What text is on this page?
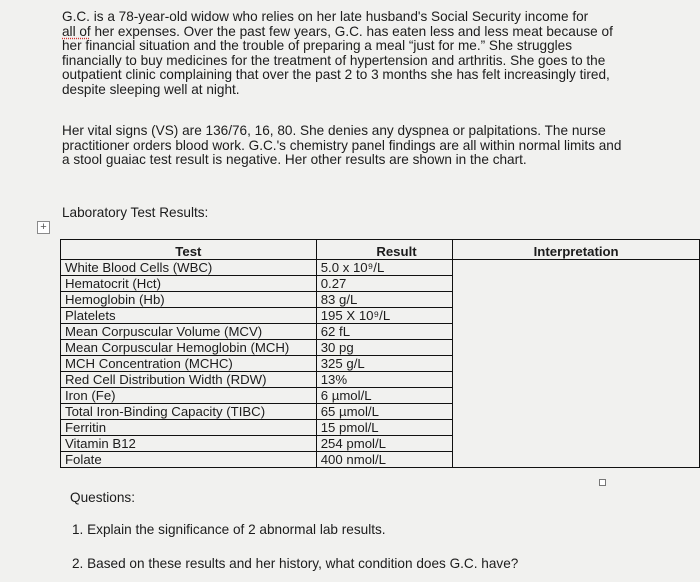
G.C. is a 78-year-old widow who relies on her late husband's Social Security income for
all of her expenses. Over the past few years, G.C. has eaten less and less meat because of her financial situation and the trouble of preparing a meal “just for me.” She struggles financially to buy medicines for the treatment of hypertension and arthritis. She goes to the outpatient clinic complaining that over the past 2 to 3 months she has felt increasingly tired, despite sleeping well at night.

Her vital signs (VS) are 136/76, 16, 80. She denies any dyspnea or palpitations. The nurse practitioner orders blood work. G.C.'s chemistry panel findings are all within normal limits and a stool guaiac test result is negative. Her other results are shown in the chart.

Laboratory Test Results:

+
Test	Result	Interpretation
White Blood Cells (WBC)	5.0 x 10⁹/L	
Hematocrit (Hct)	0.27	
Hemoglobin (Hb)	83 g/L	
Platelets	195 X 10⁹/L	
Mean Corpuscular Volume (MCV)	62 fL	
Mean Corpuscular Hemoglobin (MCH)	30 pg	
MCH Concentration (MCHC)	325 g/L	
Red Cell Distribution Width (RDW)	13%	
Iron (Fe)	6 µmol/L	
Total Iron-Binding Capacity (TIBC)	65 µmol/L	
Ferritin	15 pmol/L	
Vitamin B12	254 pmol/L	
Folate	400 nmol/L	

Questions:

1. Explain the significance of 2 abnormal lab results.

2. Based on these results and her history, what condition does G.C. have?
